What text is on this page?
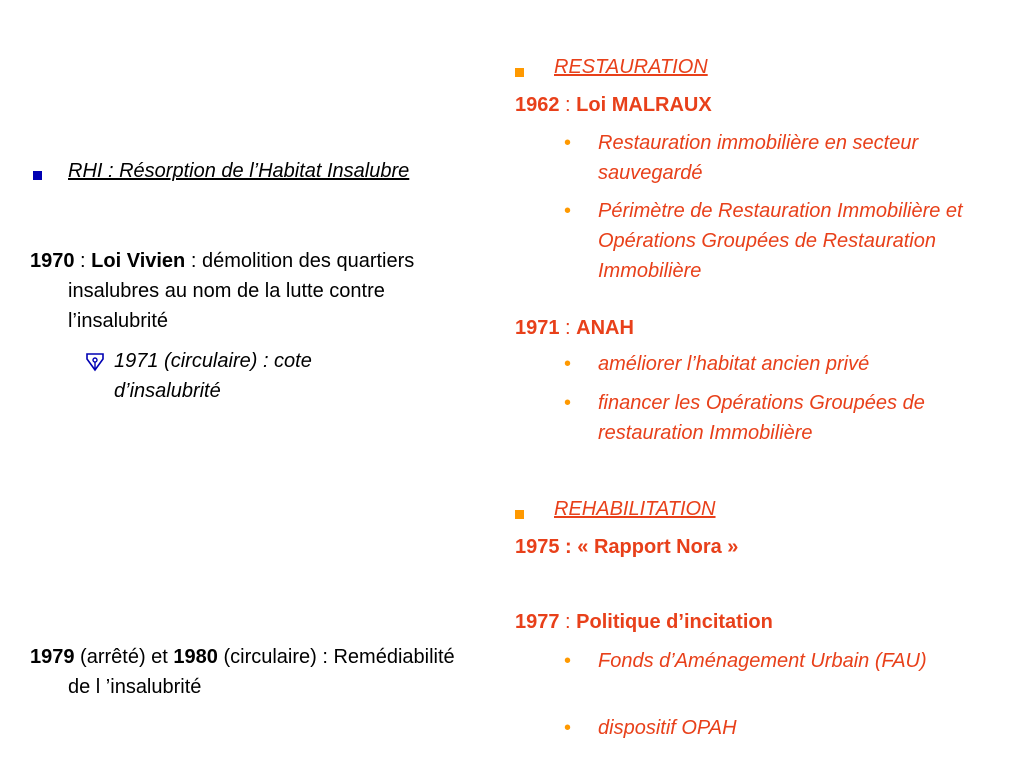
RHI : Résorption de l’Habitat Insalubre
1970 : Loi Vivien : démolition des quartiers insalubres au nom de la lutte contre l’insalubrité
1971 (circulaire) : cote d’insalubrité
1979 (arrêté) et 1980 (circulaire) : Remédiabilité de l ’insalubrité
RESTAURATION
1962 : Loi MALRAUX
•	Restauration immobilière en secteur sauvegardé
•	Périmètre de Restauration Immobilière et Opérations Groupées de Restauration Immobilière
1971 : ANAH
•	améliorer l’habitat ancien privé
•	financer les Opérations Groupées de restauration Immobilière
REHABILITATION
1975 : « Rapport Nora »
1977 : Politique d’incitation
•	Fonds d’Aménagement Urbain (FAU)
•	dispositif OPAH
